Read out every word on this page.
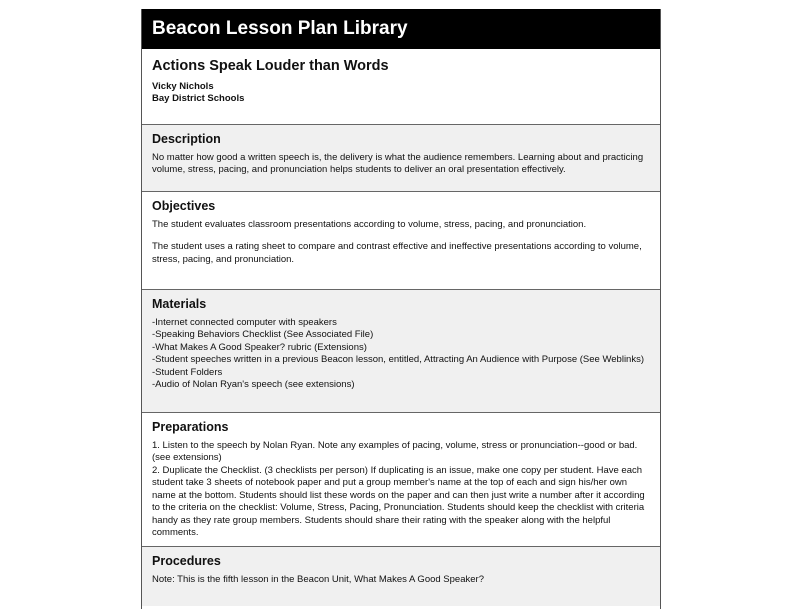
Beacon Lesson Plan Library
Actions Speak Louder than Words
Vicky Nichols
Bay District Schools
Description
No matter how good a written speech is, the delivery is what the audience remembers. Learning about and practicing volume, stress, pacing, and pronunciation helps students to deliver an oral presentation effectively.
Objectives

The student evaluates classroom presentations according to volume, stress, pacing, and pronunciation.

The student uses a rating sheet to compare and contrast effective and ineffective presentations according to volume, stress, pacing, and pronunciation.

Materials
-Internet connected computer with speakers
-Speaking Behaviors Checklist (See Associated File)
-What Makes A Good Speaker? rubric (Extensions)
-Student speeches written in a previous Beacon lesson, entitled, Attracting An Audience with Purpose (See Weblinks)
-Student Folders
-Audio of Nolan Ryan's speech (see extensions)
Preparations
1. Listen to the speech by Nolan Ryan. Note any examples of pacing, volume, stress or pronunciation--good or bad.(see extensions)
2. Duplicate the Checklist. (3 checklists per person) If duplicating is an issue, make one copy per student. Have each student take 3 sheets of notebook paper and put a group member's name at the top of each and sign his/her own name at the bottom. Students should list these words on the paper and can then just write a number after it according to the criteria on the checklist: Volume, Stress, Pacing, Pronunciation. Students should keep the checklist with criteria handy as they rate group members. Students should share their rating with the speaker along with the helpful comments.
Procedures
Note: This is the fifth lesson in the Beacon Unit, What Makes A Good Speaker?
